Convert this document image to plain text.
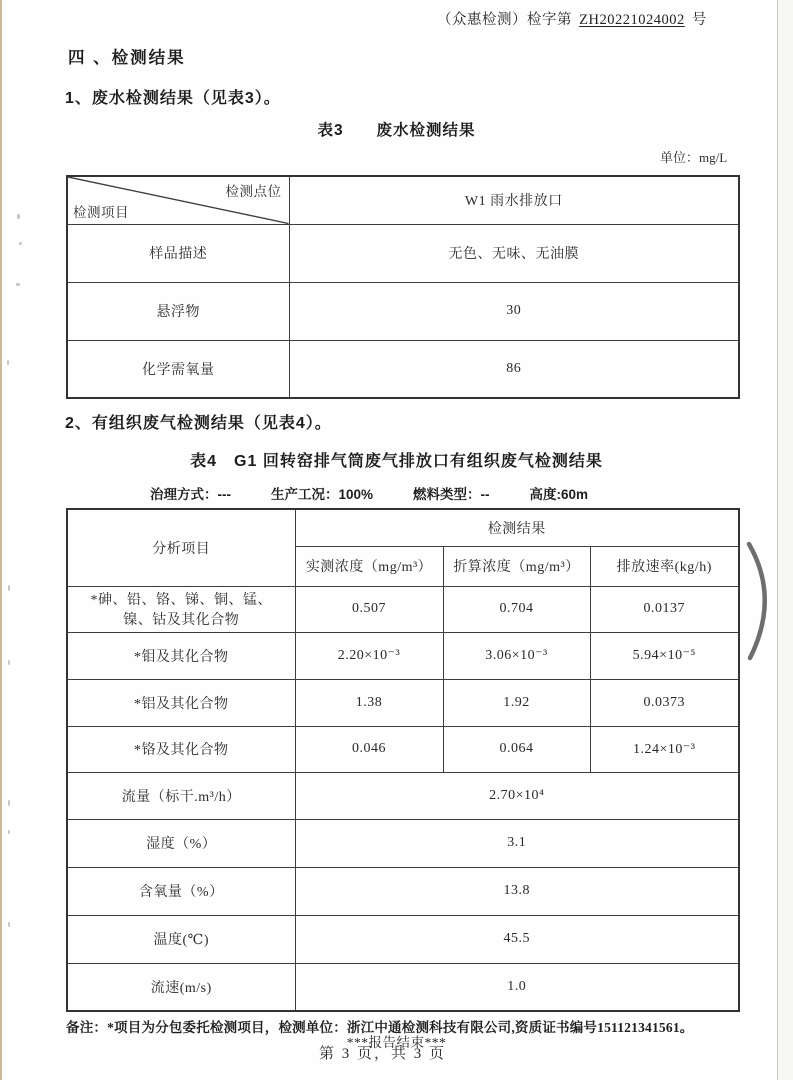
（众惠检测）检字第 ZH20221024002 号
四 、检测结果
1、废水检测结果（见表3）。
表3　　废水检测结果
单位：mg/L
检测点位
检测项目	W1 雨水排放口
样品描述	无色、无味、无油膜
悬浮物	30
化学需氧量	86
2、有组织废气检测结果（见表4）。
表4　G1 回转窑排气筒废气排放口有组织废气检测结果
治理方式：---	生产工况：100%	燃料类型：--	高度:60m
分析项目	检测结果		
	实测浓度（mg/m³）	折算浓度（mg/m³）	排放速率(kg/h)
*砷、铅、铬、锑、铜、锰、镍、钴及其化合物	0.507	0.704	0.0137
*钼及其化合物	2.20×10⁻³	3.06×10⁻³	5.94×10⁻⁵
*铝及其化合物	1.38	1.92	0.0373
*铬及其化合物	0.046	0.064	1.24×10⁻³
流量（标干.m³/h）	2.70×10⁴		
湿度（%）	3.1		
含氧量（%）	13.8		
温度(℃)	45.5		
流速(m/s)	1.0		
备注：*项目为分包委托检测项目，检测单位：浙江中通检测科技有限公司,资质证书编号151121341561。
***报告结束***
第 3 页，共 3 页
